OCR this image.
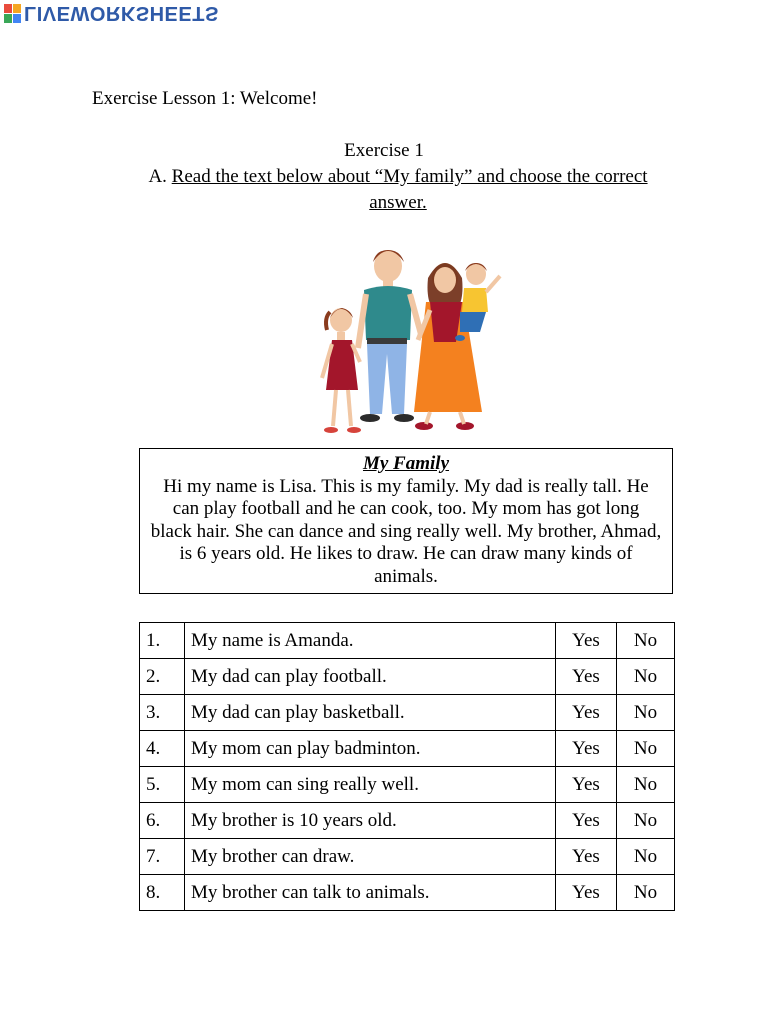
LIVEWORKSHEETS
Exercise Lesson 1: Welcome!
Exercise 1
A. Read the text below about “My family” and choose the correct answer.
My Family
Hi my name is Lisa. This is my family. My dad is really tall. He can play football and he can cook, too. My mom has got long black hair. She can dance and sing really well. My brother, Ahmad, is 6 years old. He likes to draw. He can draw many kinds of animals.
1.	My name is Amanda.	Yes	No
2.	My dad can play football.	Yes	No
3.	My dad can play basketball.	Yes	No
4.	My mom can play badminton.	Yes	No
5.	My mom can sing really well.	Yes	No
6.	My brother is 10 years old.	Yes	No
7.	My brother can draw.	Yes	No
8.	My brother can talk to animals.	Yes	No
